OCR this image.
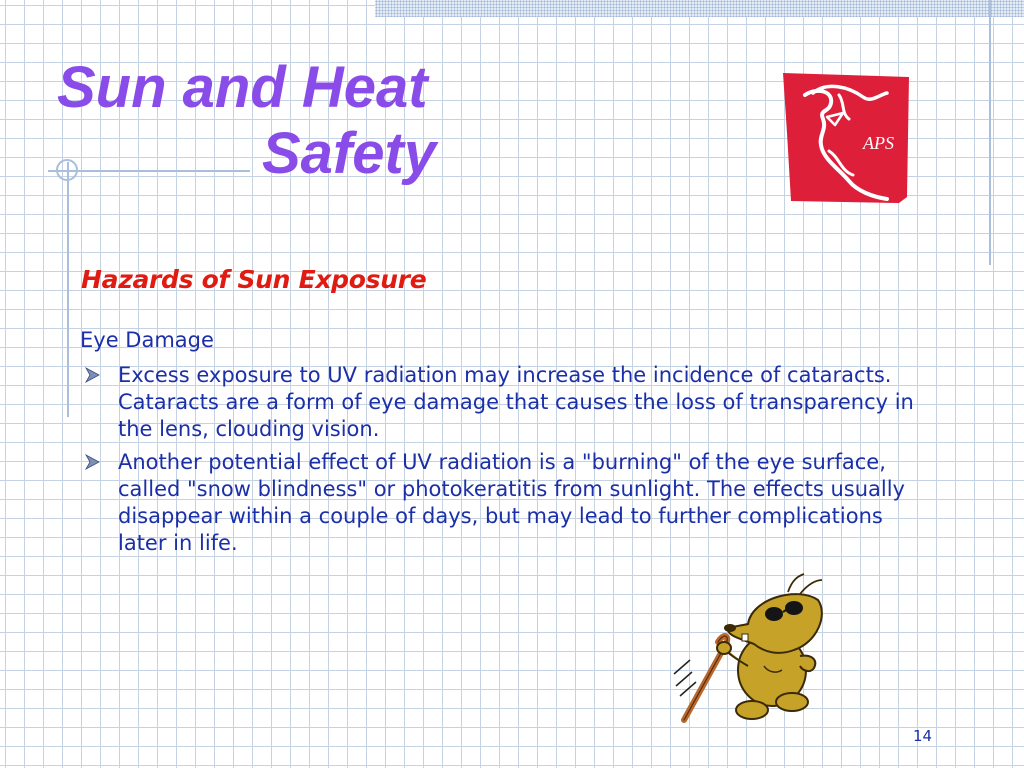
Sun and Heat
Safety	APS
Hazards of Sun Exposure

Eye Damage

Excess exposure to UV radiation may increase the incidence of cataracts. Cataracts are a form of eye damage that causes the loss of transparency in the lens, clouding vision.
Another potential effect of UV radiation is a "burning" of the eye surface, called "snow blindness" or photokeratitis from sunlight. The effects usually disappear within a couple of days, but may lead to further complications later in life.

14
